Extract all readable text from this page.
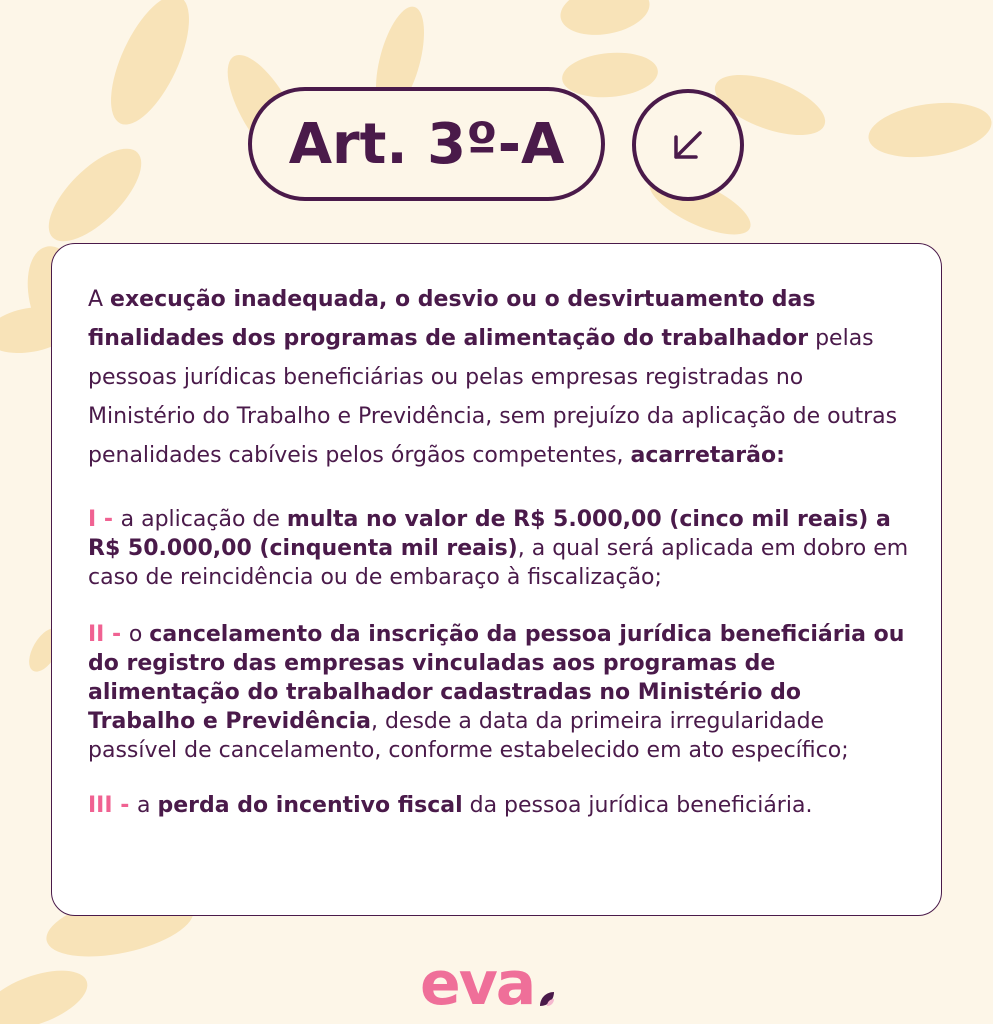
Art. 3º-A

A execução inadequada, o desvio ou o desvirtuamento das finalidades dos programas de alimentação do trabalhador pelas pessoas jurídicas beneficiárias ou pelas empresas registradas no Ministério do Trabalho e Previdência, sem prejuízo da aplicação de outras penalidades cabíveis pelos órgãos competentes, acarretarão:

I - a aplicação de multa no valor de R$ 5.000,00 (cinco mil reais) a R$ 50.000,00 (cinquenta mil reais), a qual será aplicada em dobro em caso de reincidência ou de embaraço à fiscalização;

II - o cancelamento da inscrição da pessoa jurídica beneficiária ou do registro das empresas vinculadas aos programas de alimentação do trabalhador cadastradas no Ministério do Trabalho e Previdência, desde a data da primeira irregularidade passível de cancelamento, conforme estabelecido em ato específico;

III - a perda do incentivo fiscal da pessoa jurídica beneficiária.

eva
